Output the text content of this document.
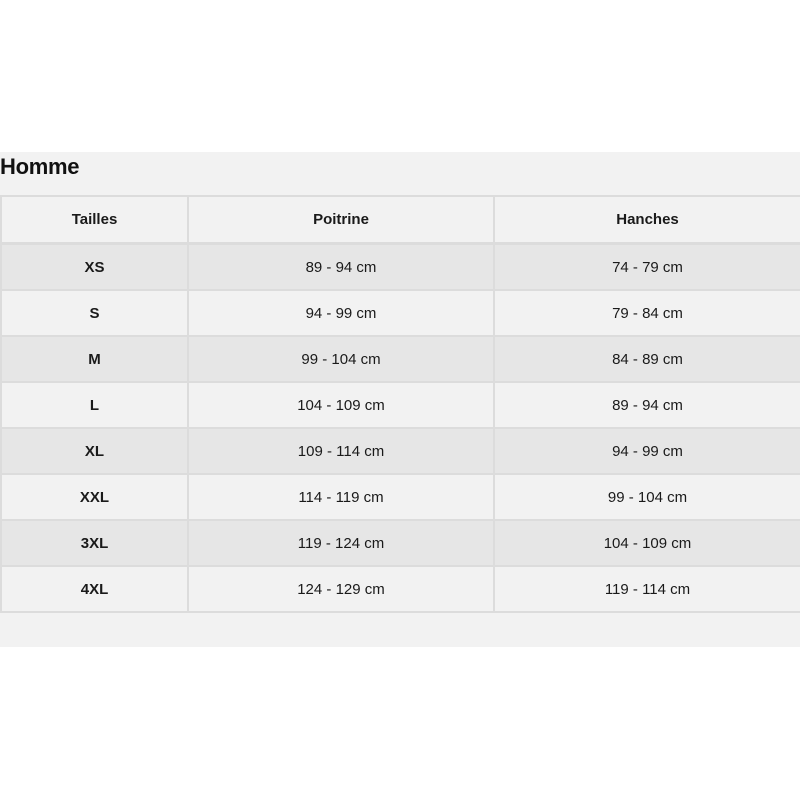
Homme
Tailles	Poitrine	Hanches
XS	89 - 94 cm	74 - 79 cm
S	94 - 99 cm	79 - 84 cm
M	99 - 104 cm	84 - 89 cm
L	104 - 109 cm	89 - 94 cm
XL	109 - 114 cm	94 - 99 cm
XXL	114 - 119 cm	99 - 104 cm
3XL	119 - 124 cm	104 - 109 cm
4XL	124 - 129 cm	119 - 114 cm
